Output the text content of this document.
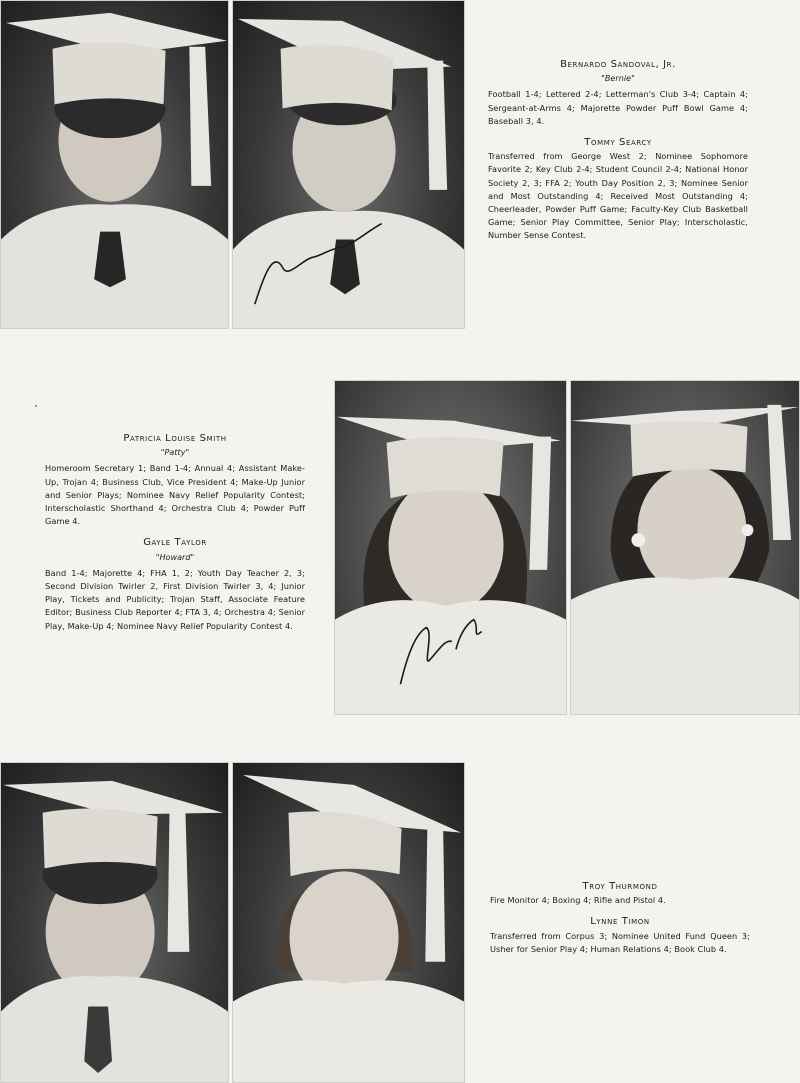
Bernardo Sandoval, Jr.
"Bernie"
Football 1-4; Lettered 2-4; Letterman's Club 3-4; Captain 4; Sergeant-at-Arms 4; Majorette Powder Puff Bowl Game 4; Baseball 3, 4.
Tommy Searcy
Transferred from George West 2; Nominee Sophomore Favorite 2; Key Club 2-4; Student Council 2-4; National Honor Society 2, 3; FFA 2; Youth Day Position 2, 3; Nominee Senior and Most Outstanding 4; Received Most Outstanding 4; Cheerleader, Powder Puff Game; Faculty-Key Club Basketball Game; Senior Play Committee, Senior Play; Interscholastic, Number Sense Contest.
Patricia Louise Smith
"Patty"
Homeroom Secretary 1; Band 1-4; Annual 4; Assistant Make-Up, Trojan 4; Business Club, Vice President 4; Make-Up Junior and Senior Plays; Nominee Navy Relief Popularity Contest; Interscholastic Shorthand 4; Orchestra Club 4; Powder Puff Game 4.
Gayle Taylor
"Howard"
Band 1-4; Majorette 4; FHA 1, 2; Youth Day Teacher 2, 3; Second Division Twirler 2, First Division Twirler 3, 4; Junior Play, Tickets and Publicity; Trojan Staff, Associate Feature Editor; Business Club Reporter 4; FTA 3, 4; Orchestra 4; Senior Play, Make-Up 4; Nominee Navy Relief Popularity Contest 4.
Troy Thurmond
Fire Monitor 4; Boxing 4; Rifle and Pistol 4.
Lynne Timon
Transferred from Corpus 3; Nominee United Fund Queen 3; Usher for Senior Play 4; Human Relations 4; Book Club 4.
